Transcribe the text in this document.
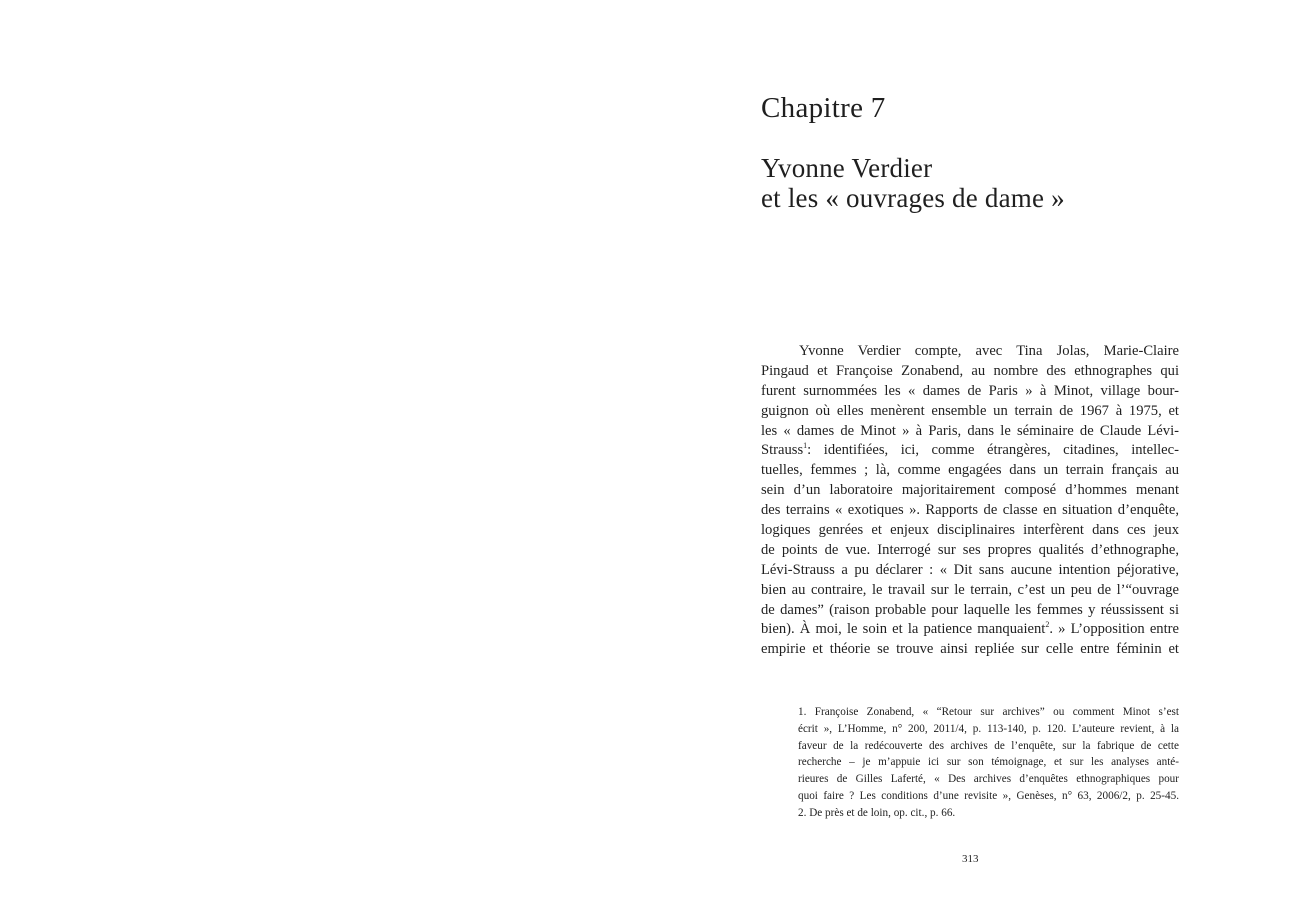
Chapitre 7
Yvonne Verdier
et les « ouvrages de dame »
Yvonne Verdier compte, avec Tina Jolas, Marie-Claire
Pingaud et Françoise Zonabend, au nombre des ethnographes qui
furent surnommées les « dames de Paris » à Minot, village bour-
guignon où elles menèrent ensemble un terrain de 1967 à 1975, et
les « dames de Minot » à Paris, dans le séminaire de Claude Lévi-
Strauss$^1$: identifiées, ici, comme étrangères, citadines, intellec-
tuelles, femmes ; là, comme engagées dans un terrain français au
sein d’un laboratoire majoritairement composé d’hommes menant
des terrains « exotiques ». Rapports de classe en situation d’enquête,
logiques genrées et enjeux disciplinaires interfèrent dans ces jeux
de points de vue. Interrogé sur ses propres qualités d’ethnographe,
Lévi-Strauss a pu déclarer : « Dit sans aucune intention péjorative,
bien au contraire, le travail sur le terrain, c’est un peu de l’“ouvrage
de dames” (raison probable pour laquelle les femmes y réussissent si
bien). À moi, le soin et la patience manquaient$^2$. » L’opposition entre
empirie et théorie se trouve ainsi repliée sur celle entre féminin et
1. Françoise Zonabend, « “Retour sur archives” ou comment Minot s’est
écrit », L’Homme, n° 200, 2011/4, p. 113-140, p. 120. L’auteure revient, à la
faveur de la redécouverte des archives de l’enquête, sur la fabrique de cette
recherche – je m’appuie ici sur son témoignage, et sur les analyses anté-
rieures de Gilles Laferté, « Des archives d’enquêtes ethnographiques pour
quoi faire ? Les conditions d’une revisite », Genèses, n° 63, 2006/2, p. 25-45.
2. De près et de loin, op. cit., p. 66.
313
